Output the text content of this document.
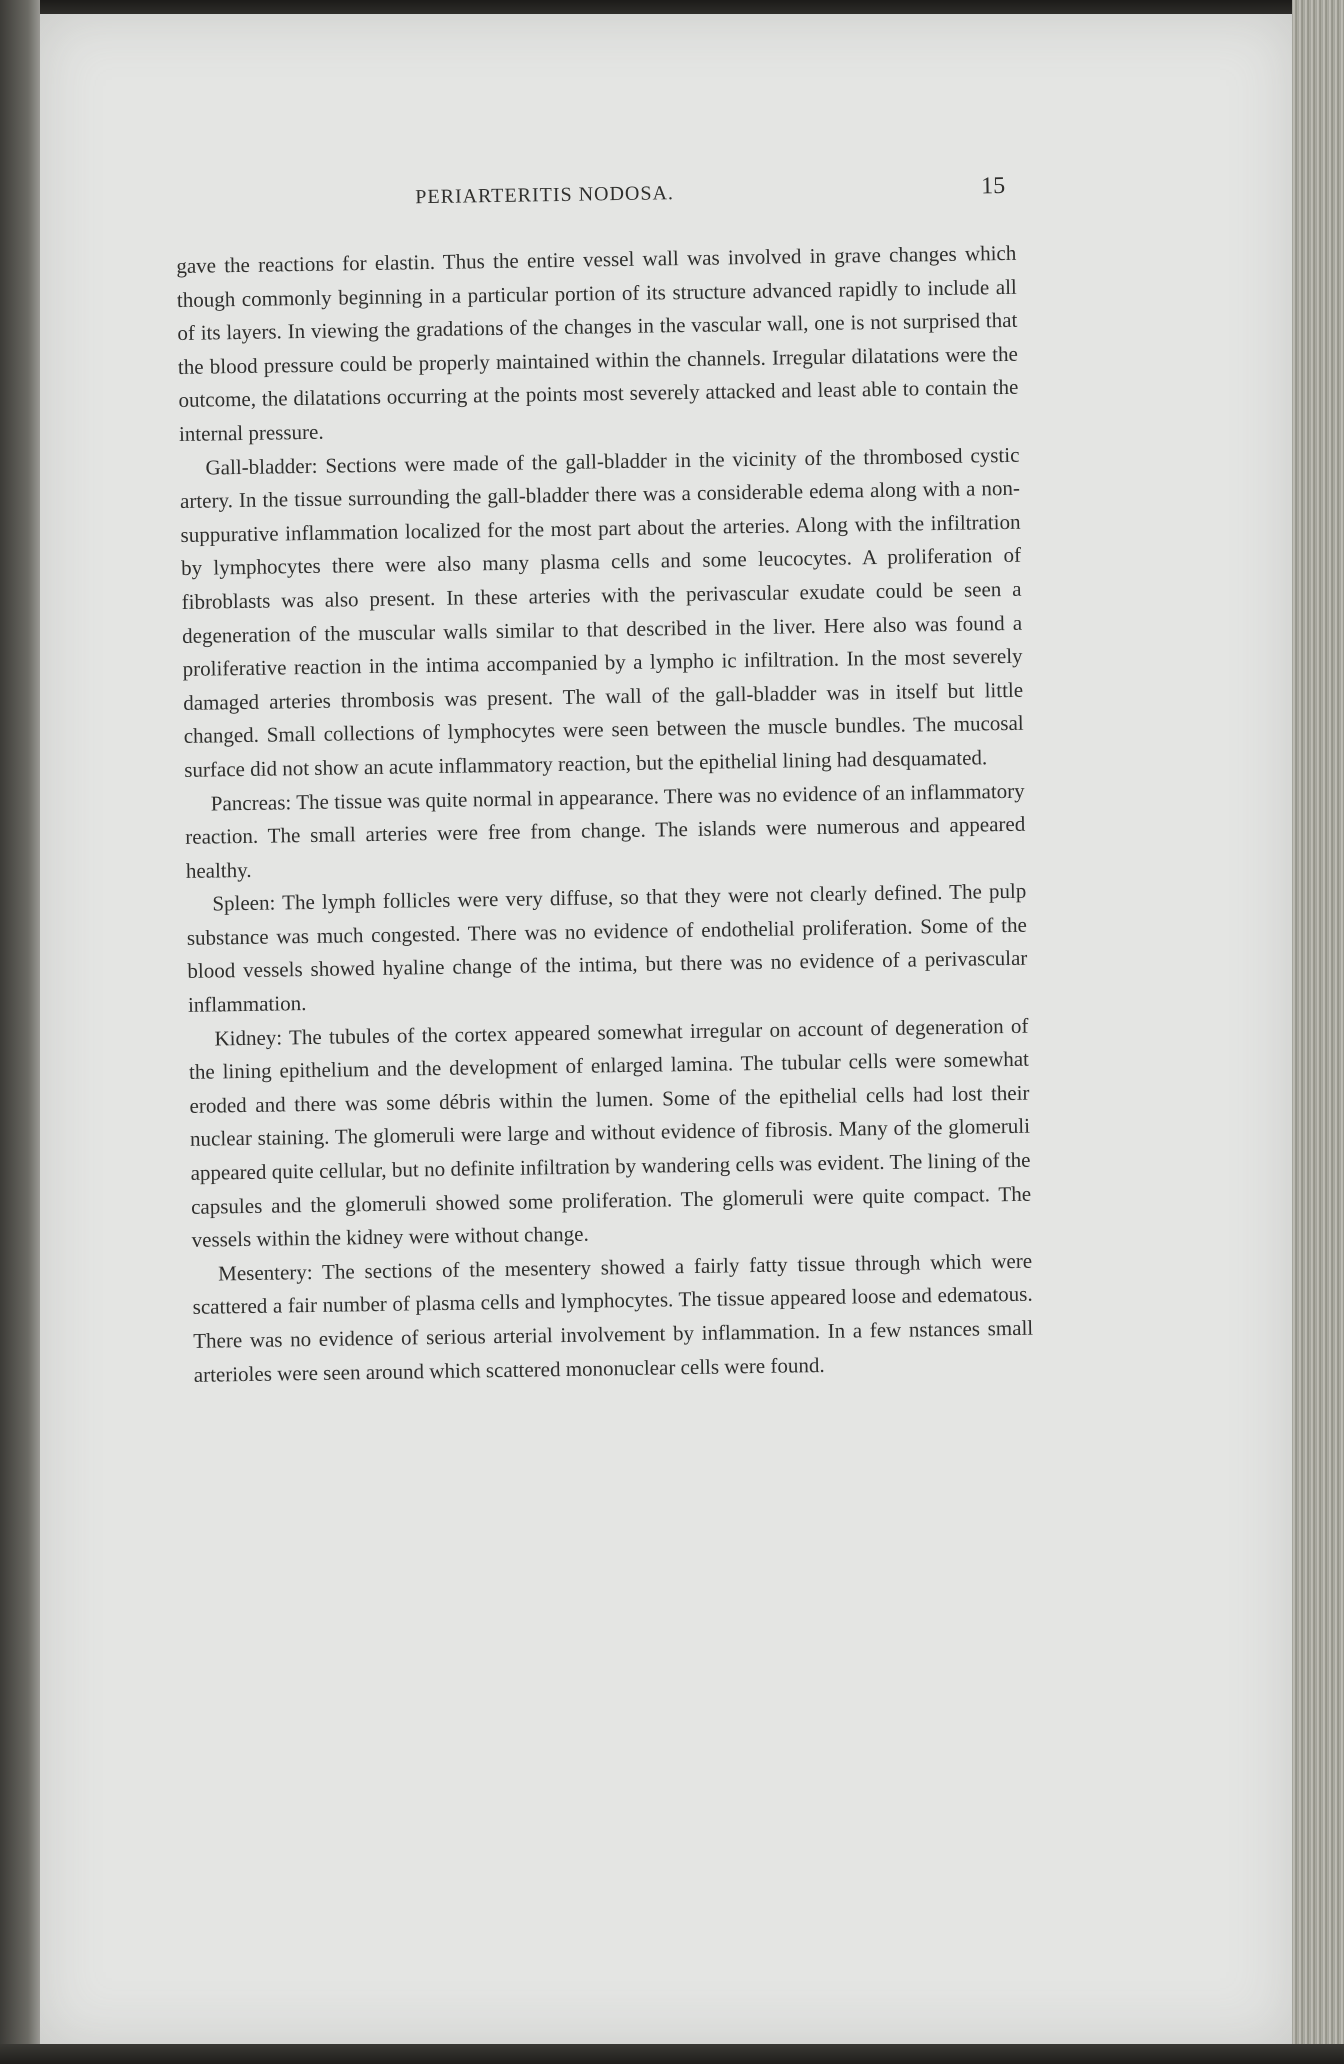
PERIARTERITIS NODOSA.	15

gave the reactions for elastin. Thus the entire vessel wall was involved in grave changes which though commonly beginning in a particular portion of its structure advanced rapidly to include all of its layers. In viewing the gradations of the changes in the vascular wall, one is not surprised that the blood pressure could be properly maintained within the channels. Irregular dilatations were the outcome, the dilatations occurring at the points most severely attacked and least able to contain the internal pressure.

Gall-bladder: Sections were made of the gall-bladder in the vicinity of the thrombosed cystic artery. In the tissue surrounding the gall-bladder there was a considerable edema along with a non-suppurative inflammation localized for the most part about the arteries. Along with the infiltration by lymphocytes there were also many plasma cells and some leucocytes. A proliferation of fibroblasts was also present. In these arteries with the perivascular exudate could be seen a degeneration of the muscular walls similar to that described in the liver. Here also was found a proliferative reaction in the intima accompanied by a lympho ic infiltration. In the most severely damaged arteries thrombosis was present. The wall of the gall-bladder was in itself but little changed. Small collections of lymphocytes were seen between the muscle bundles. The mucosal surface did not show an acute inflammatory reaction, but the epithelial lining had desquamated.

Pancreas: The tissue was quite normal in appearance. There was no evidence of an inflammatory reaction. The small arteries were free from change. The islands were numerous and appeared healthy.

Spleen: The lymph follicles were very diffuse, so that they were not clearly defined. The pulp substance was much congested. There was no evidence of endothelial proliferation. Some of the blood vessels showed hyaline change of the intima, but there was no evidence of a perivascular inflammation.

Kidney: The tubules of the cortex appeared somewhat irregular on account of degeneration of the lining epithelium and the development of enlarged lamina. The tubular cells were somewhat eroded and there was some débris within the lumen. Some of the epithelial cells had lost their nuclear staining. The glomeruli were large and without evidence of fibrosis. Many of the glomeruli appeared quite cellular, but no definite infiltration by wandering cells was evident. The lining of the capsules and the glomeruli showed some proliferation. The glomeruli were quite compact. The vessels within the kidney were without change.

Mesentery: The sections of the mesentery showed a fairly fatty tissue through which were scattered a fair number of plasma cells and lymphocytes. The tissue appeared loose and edematous. There was no evidence of serious arterial involvement by inflammation. In a few nstances small arterioles were seen around which scattered mononuclear cells were found.
